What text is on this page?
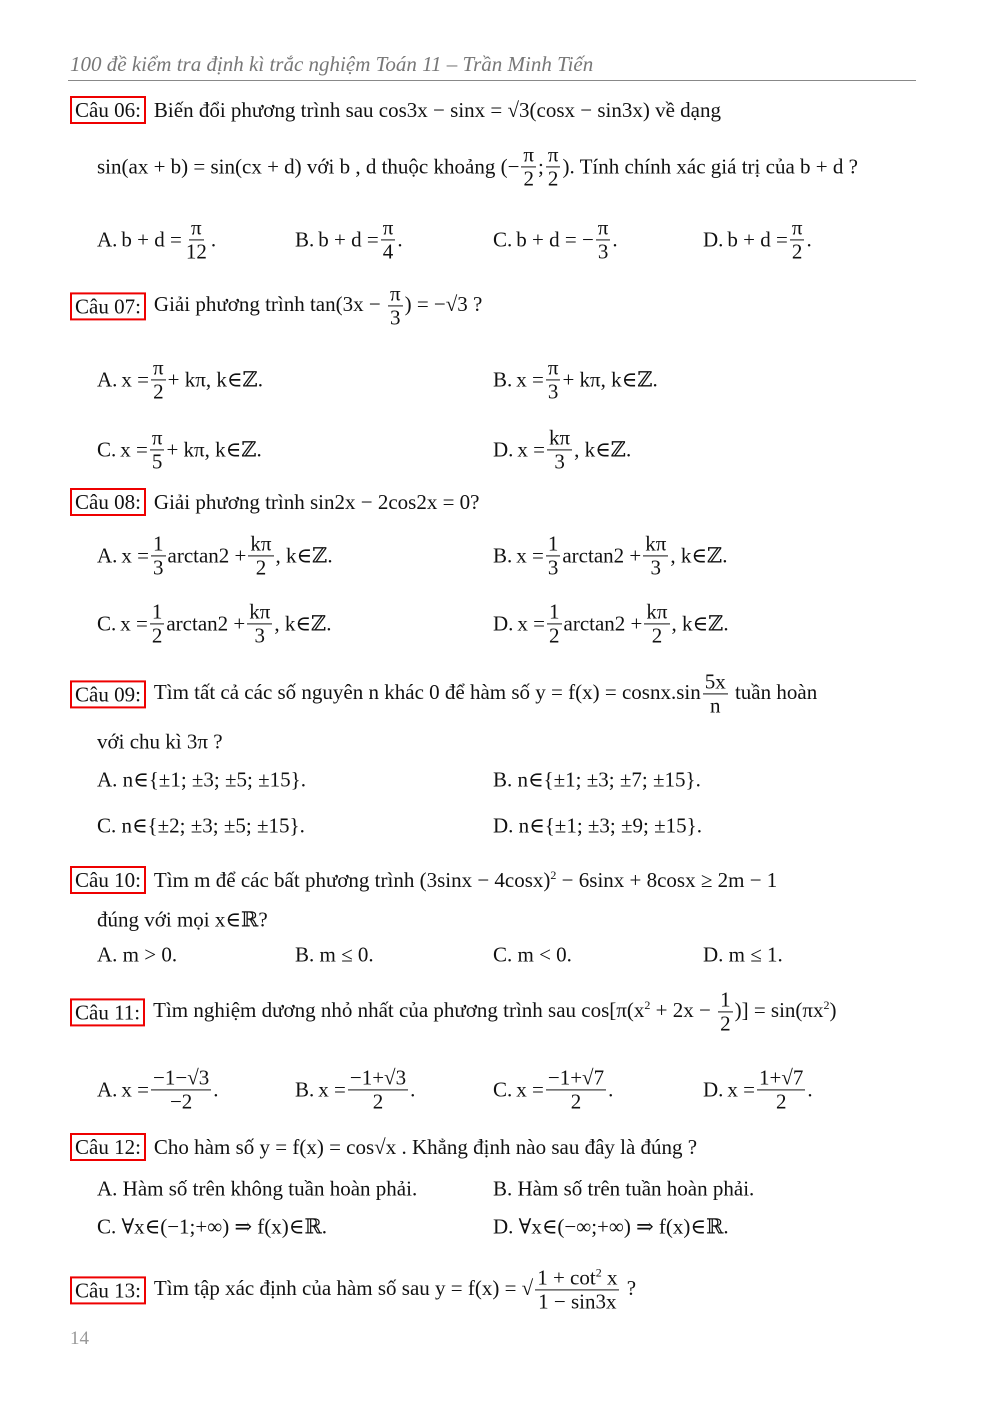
100 đề kiểm tra định kì trắc nghiệm Toán 11 – Trần Minh Tiến
Câu 06: Biến đổi phương trình sau cos3x − sinx = √3(cosx − sin3x) về dạng
sin(ax + b) = sin(cx + d) với b , d thuộc khoảng (− $\frac{\pi}{2}$ ; $\frac{\pi}{2}$ ). Tính chính xác giá trị của b + d ?
A. $b + d = \frac{\pi}{12}$ .	B. $b + d = \frac{\pi}{4}$ .	C. b + d = − $\frac{\pi}{3}$ .	D. $b + d = \frac{\pi}{2}$ .
Câu 07: Giải phương trình $\tan(3x - \frac{\pi}{3}$ ) = −√3 ?
A. $x = \frac{\pi}{2} + k\pi$, k∈ℤ.	B. $x = \frac{\pi}{3} + k\pi$, k∈ℤ.
C. $x = \frac{\pi}{5} + k\pi$, k∈ℤ.	D. $x = \frac{k\pi}{3}$ , k∈ℤ.
Câu 08: Giải phương trình sin2x − 2cos2x = 0?
A. $x = \frac{1}{3} \arctan 2 + \frac{k\pi}{2}$ , k∈ℤ.	B. $x = \frac{1}{3} \arctan 2 + \frac{k\pi}{3}$ , k∈ℤ.
C. $x = \frac{1}{2} \arctan 2 + \frac{k\pi}{3}$ , k∈ℤ.	D. $x = \frac{1}{2} \arctan 2 + \frac{k\pi}{2}$ , k∈ℤ.
Câu 09: Tìm tất cả các số nguyên n khác 0 để hàm số y = f(x) = cosnx.sin $\frac{5x}{n}$ tuần hoàn
với chu kì 3π ?
A. n∈{±1; ±3; ±5; ±15}.	B. n∈{±1; ±3; ±7; ±15}.
C. n∈{±2; ±3; ±5; ±15}.	D. n∈{±1; ±3; ±9; ±15}.
Câu 10: Tìm m để các bất phương trình $(3\sin x - 4\cos x)^2 - 6\sin x + 8\cos x \ge 2m - 1$
đúng với mọi x∈ℝ?
A. m > 0.	B. m ≤ 0.	C. m < 0.	D. m ≤ 1.
Câu 11: Tìm nghiệm dương nhỏ nhất của phương trình sau $\cos[\pi(x^2 + 2x - \frac{1}{2}$ )] = $\sin(\pi x^2)$
A. $x = \frac{-1-√3}{-2}$ .	B. $x = \frac{-1+√3}{2}$ .	C. $x = \frac{-1+√7}{2}$ .	D. $x = \frac{1+√7}{2}$ .
Câu 12: Cho hàm số y = f(x) = cos√x . Khẳng định nào sau đây là đúng ?
A. Hàm số trên không tuần hoàn phải.	B. Hàm số trên tuần hoàn phải.
C. ∀x∈(−1;+∞) ⇒ f(x)∈ℝ.	D. ∀x∈(−∞;+∞) ⇒ f(x)∈ℝ.
Câu 13: Tìm tập xác định của hàm số sau y = f(x) = √ $\frac{1 + \cot^2 x}{1 - \sin 3x}$ ?
14
